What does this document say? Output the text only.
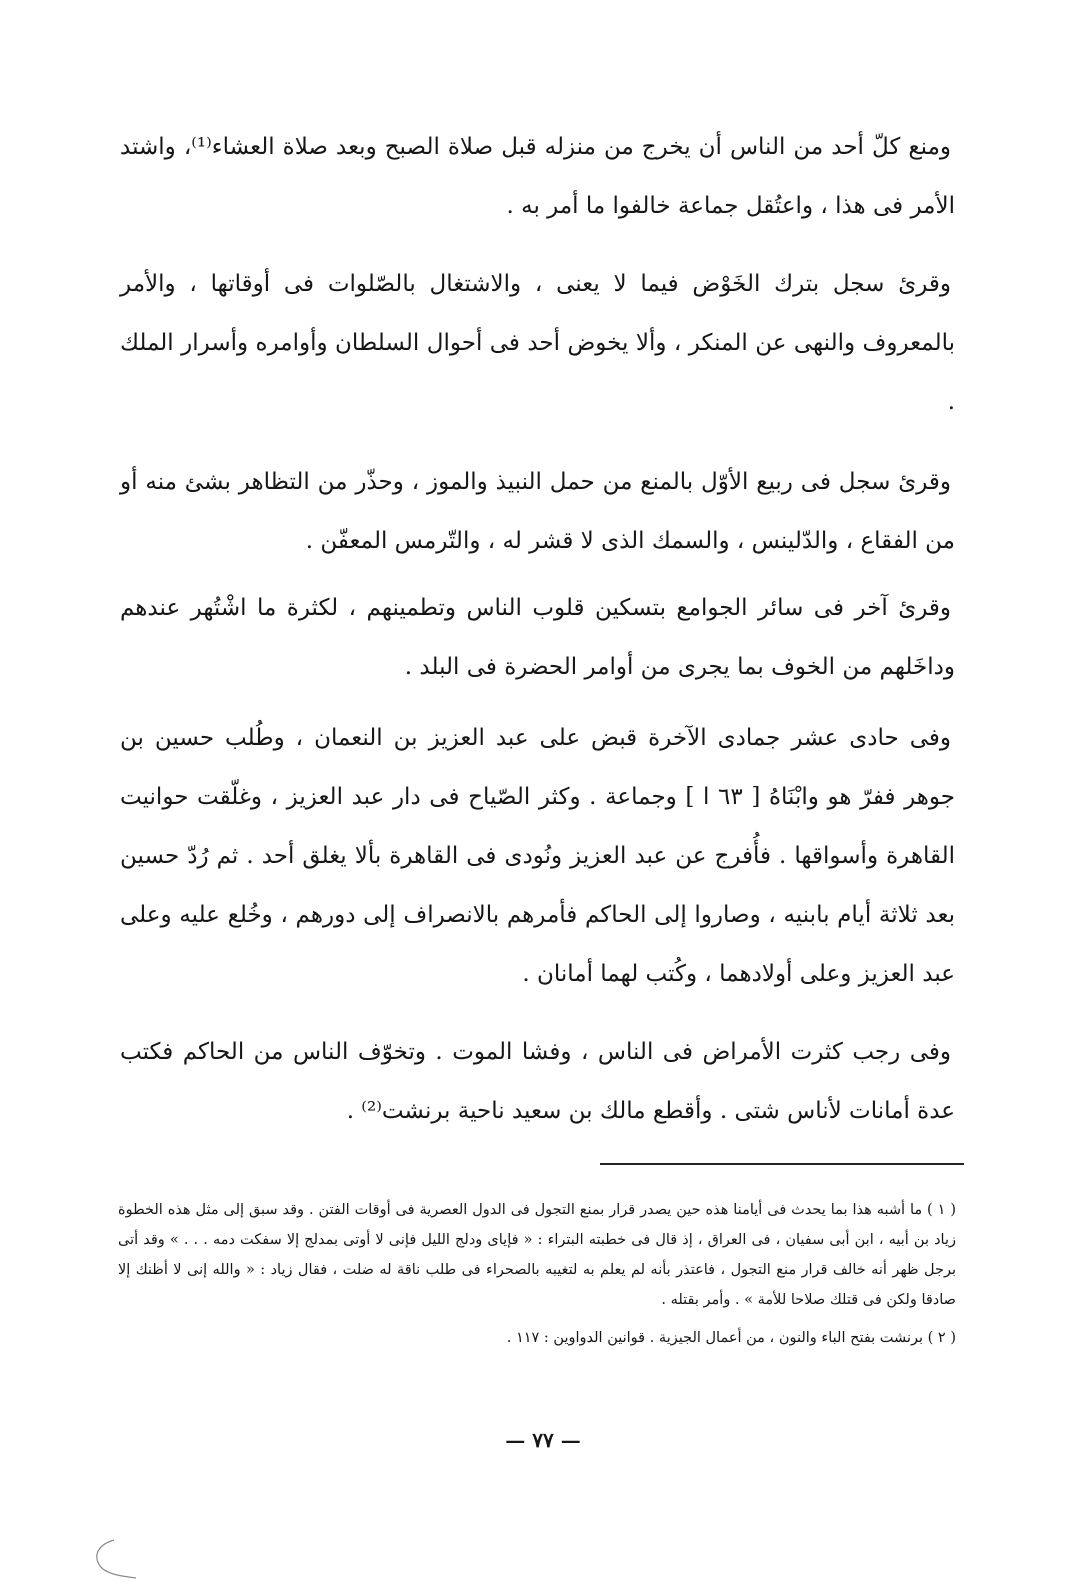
ومنع كلّ أحد من الناس أن يخرج من منزله قبل صلاة الصبح وبعد صلاة العشاء⁽¹⁾، واشتد الأمر فى هذا ، واعتُقل جماعة خالفوا ما أمر به .

وقرئ سجل بترك الخَوْض فيما لا يعنى ، والاشتغال بالصّلوات فى أوقاتها ، والأمر بالمعروف والنهى عن المنكر ، وألا يخوض أحد فى أحوال السلطان وأوامره وأسرار الملك .

وقرئ سجل فى ربيع الأوّل بالمنع من حمل النبيذ والموز ، وحذّر من التظاهر بشئ منه أو من الفقاع ، والدّلينس ، والسمك الذى لا قشر له ، والتّرمس المعفّن .

وقرئ آخر فى سائر الجوامع بتسكين قلوب الناس وتطمينهم ، لكثرة ما اشْتُهر عندهم وداخَلهم من الخوف بما يجرى من أوامر الحضرة فى البلد .

وفى حادى عشر جمادى الآخرة قبض على عبد العزيز بن النعمان ، وطُلب حسين بن جوهر ففرّ هو وابْنَاهُ [ ٦٣ ا ] وجماعة . وكثر الصّياح فى دار عبد العزيز ، وغلّقت حوانيت القاهرة وأسواقها . فأُفرج عن عبد العزيز ونُودى فى القاهرة بألا يغلق أحد . ثم رُدّ حسين بعد ثلاثة أيام بابنيه ، وصاروا إلى الحاكم فأمرهم بالانصراف إلى دورهم ، وخُلع عليه وعلى عبد العزيز وعلى أولادهما ، وكُتب لهما أمانان .

وفى رجب كثرت الأمراض فى الناس ، وفشا الموت . وتخوّف الناس من الحاكم فكتب عدة أمانات لأناس شتى . وأقطع مالك بن سعيد ناحية برنشت⁽²⁾ .

( ١ ) ما أشبه هذا بما يحدث فى أيامنا هذه حين يصدر قرار بمنع التجول فى الدول العصرية فى أوقات الفتن . وقد سبق إلى مثل هذه الخطوة زياد بن أبيه ، ابن أبى سفيان ، فى العراق ، إذ قال فى خطبته البتراء : « فإياى ودلج الليل فإنى لا أوتى بمدلج إلا سفكت دمه . . . » وقد أتى برجل ظهر أنه خالف قرار منع التجول ، فاعتذر بأنه لم يعلم به لتغيبه بالصحراء فى طلب ناقة له ضلت ، فقال زياد : « والله إنى لا أظنك إلا صادقا ولكن فى قتلك صلاحا للأمة » . وأمر بقتله .

( ٢ ) برنشت بفتح الباء والنون ، من أعمال الجيزية . قوانين الدواوين : ١١٧ .

— ٧٧ —
